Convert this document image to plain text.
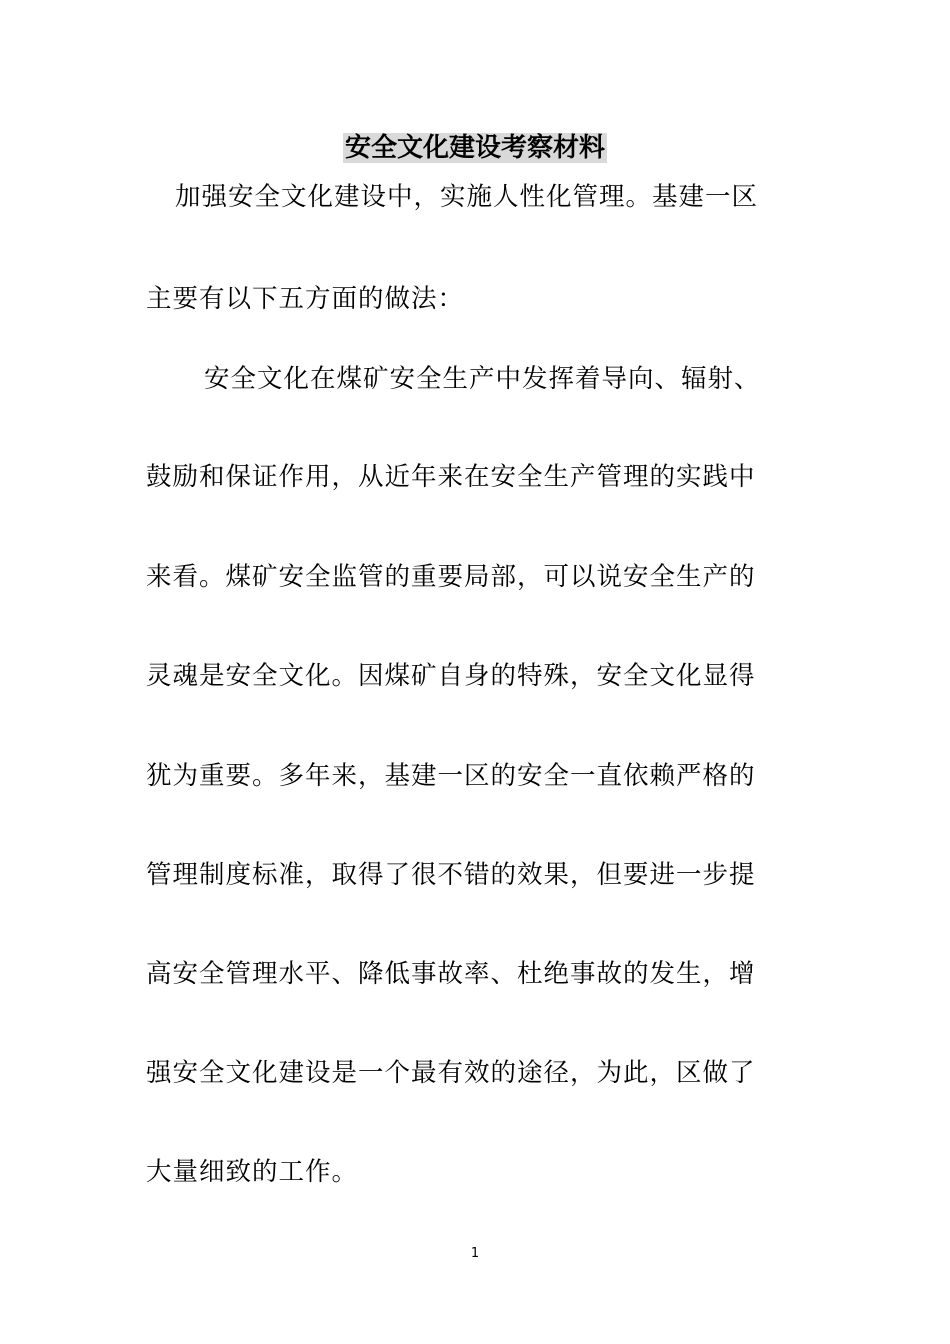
安全文化建设考察材料
加强安全文化建设中，实施人性化管理。基建一区
主要有以下五方面的做法：
安全文化在煤矿安全生产中发挥着导向、辐射、
鼓励和保证作用，从近年来在安全生产管理的实践中
来看。煤矿安全监管的重要局部，可以说安全生产的
灵魂是安全文化。因煤矿自身的特殊，安全文化显得
犹为重要。多年来，基建一区的安全一直依赖严格的
管理制度标准，取得了很不错的效果，但要进一步提
高安全管理水平、降低事故率、杜绝事故的发生，增
强安全文化建设是一个最有效的途径，为此，区做了
大量细致的工作。
1
